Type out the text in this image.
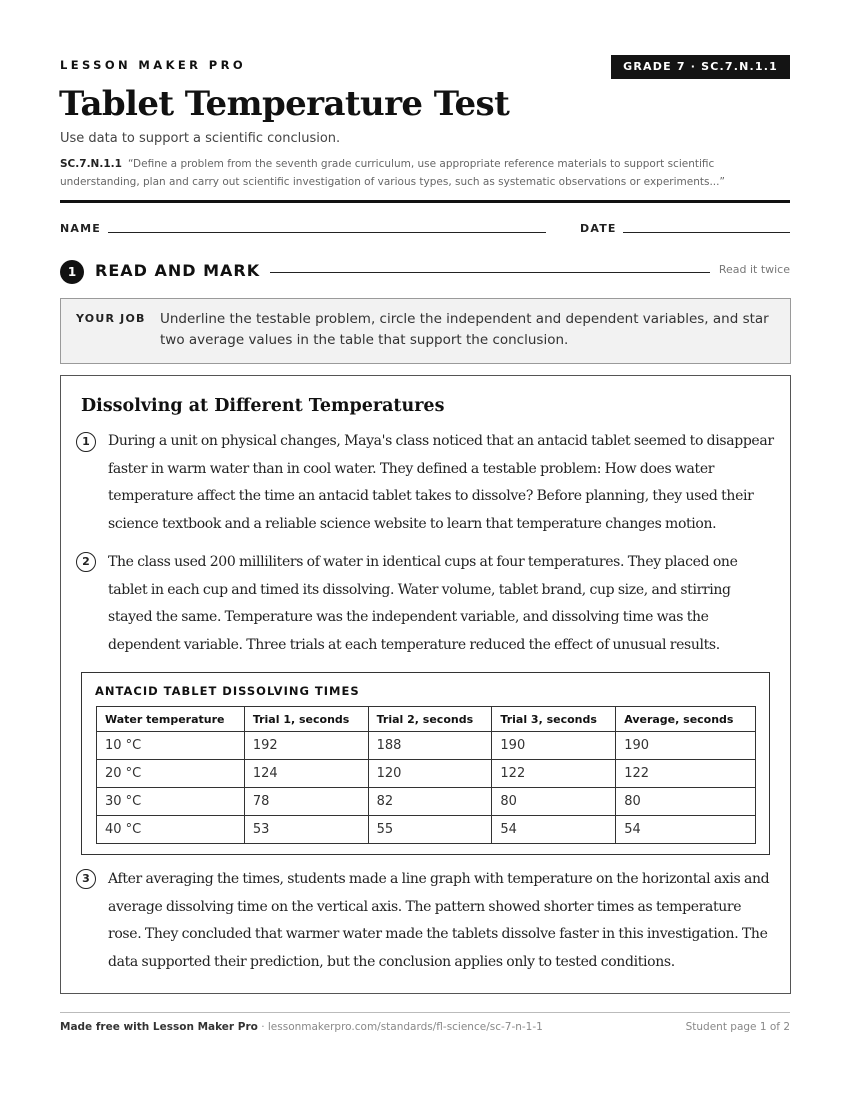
LESSON MAKER PRO	GRADE 7 · SC.7.N.1.1
Tablet Temperature Test
Use data to support a scientific conclusion.
SC.7.N.1.1 “Define a problem from the seventh grade curriculum, use appropriate reference materials to support scientific understanding, plan and carry out scientific investigation of various types, such as systematic observations or experiments...”
NAME	DATE
1	READ AND MARK	Read it twice
YOUR JOB Underline the testable problem, circle the independent and dependent variables, and star two average values in the table that support the conclusion.
Dissolving at Different Temperatures
1	During a unit on physical changes, Maya's class noticed that an antacid tablet seemed to disappear faster in warm water than in cool water. They defined a testable problem: How does water temperature affect the time an antacid tablet takes to dissolve? Before planning, they used their science textbook and a reliable science website to learn that temperature changes motion.
2	The class used 200 milliliters of water in identical cups at four temperatures. They placed one tablet in each cup and timed its dissolving. Water volume, tablet brand, cup size, and stirring stayed the same. Temperature was the independent variable, and dissolving time was the dependent variable. Three trials at each temperature reduced the effect of unusual results.
ANTACID TABLET DISSOLVING TIMES
Water temperature	Trial 1, seconds	Trial 2, seconds	Trial 3, seconds	Average, seconds
10 °C	192	188	190	190
20 °C	124	120	122	122
30 °C	78	82	80	80
40 °C	53	55	54	54
3	After averaging the times, students made a line graph with temperature on the horizontal axis and average dissolving time on the vertical axis. The pattern showed shorter times as temperature rose. They concluded that warmer water made the tablets dissolve faster in this investigation. The data supported their prediction, but the conclusion applies only to tested conditions.
Made free with Lesson Maker Pro · lessonmakerpro.com/standards/fl-science/sc-7-n-1-1	Student page 1 of 2
